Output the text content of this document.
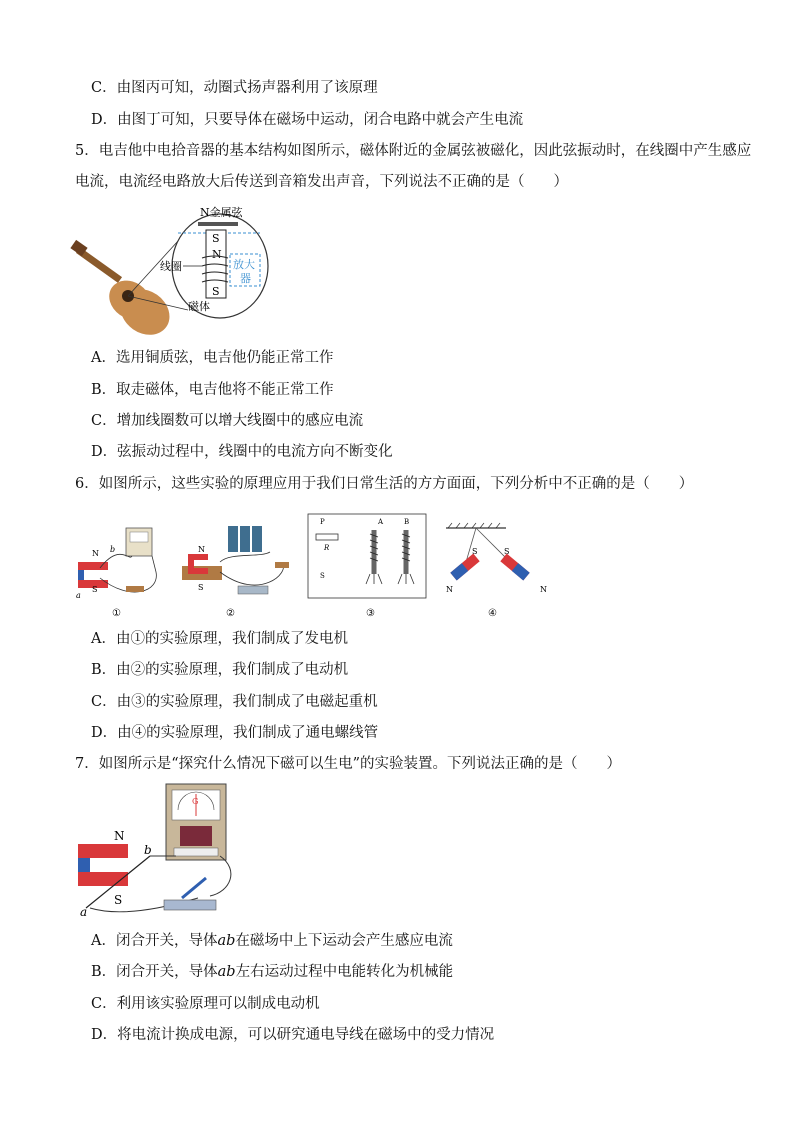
C．由图丙可知，动圈式扬声器利用了该原理
D．由图丁可知，只要导体在磁场中运动，闭合电路中就会产生电流
5．电吉他中电拾音器的基本结构如图所示，磁体附近的金属弦被磁化，因此弦振动时，在线圈中产生感应
电流，电流经电路放大后传送到音箱发出声音，下列说法不正确的是（　　）
N金属弦
S
N
S
线圈
磁体
放大
器
A．选用铜质弦，电吉他仍能正常工作
B．取走磁体，电吉他将不能正常工作
C．增加线圈数可以增大线圈中的感应电流
D．弦振动过程中，线圈中的电流方向不断变化
6．如图所示，这些实验的原理应用于我们日常生活的方方面面，下列分析中不正确的是（　　）
N
S
a
b
①
N
S
②
P
R
A	B
S
③
S	S
N	N
④
A．由①的实验原理，我们制成了发电机
B．由②的实验原理，我们制成了电动机
C．由③的实验原理，我们制成了电磁起重机
D．由④的实验原理，我们制成了通电螺线管
7．如图所示是“探究什么情况下磁可以生电”的实验装置。下列说法正确的是（　　）
G
N
S
a
b
A．闭合开关，导体ab在磁场中上下运动会产生感应电流
B．闭合开关，导体ab左右运动过程中电能转化为机械能
C．利用该实验原理可以制成电动机
D．将电流计换成电源，可以研究通电导线在磁场中的受力情况
